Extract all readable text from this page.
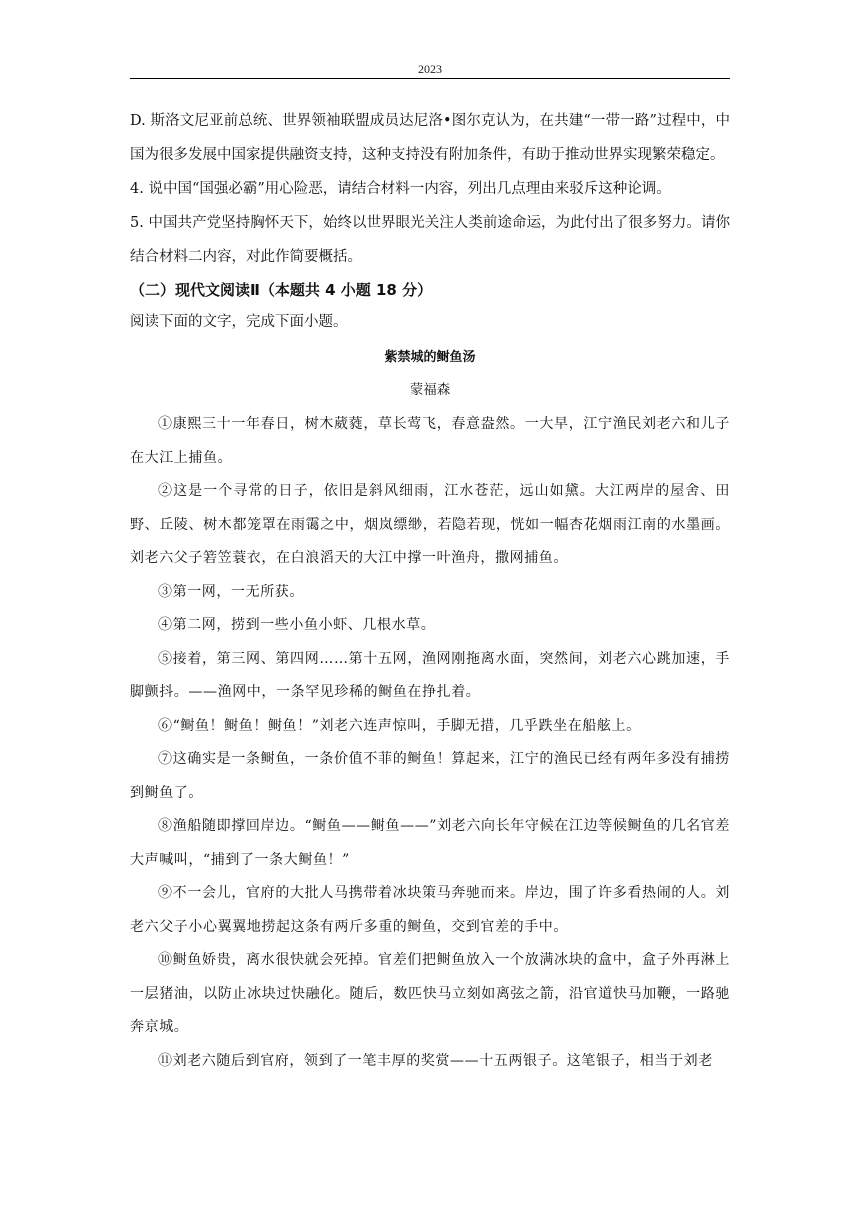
2023

D. 斯洛文尼亚前总统、世界领袖联盟成员达尼洛•图尔克认为，在共建“一带一路”过程中，中国为很多发展中国家提供融资支持，这种支持没有附加条件，有助于推动世界实现繁荣稳定。

4. 说中国“国强必霸”用心险恶，请结合材料一内容，列出几点理由来驳斥这种论调。

5. 中国共产党坚持胸怀天下，始终以世界眼光关注人类前途命运，为此付出了很多努力。请你结合材料二内容，对此作简要概括。

（二）现代文阅读Ⅱ（本题共 4 小题 18 分）

阅读下面的文字，完成下面小题。

紫禁城的鲥鱼汤

蒙福森

①康熙三十一年春日，树木葳蕤，草长莺飞，春意盎然。一大早，江宁渔民刘老六和儿子在大江上捕鱼。

②这是一个寻常的日子，依旧是斜风细雨，江水苍茫，远山如黛。大江两岸的屋舍、田野、丘陵、树木都笼罩在雨霭之中，烟岚缥缈，若隐若现，恍如一幅杏花烟雨江南的水墨画。刘老六父子箬笠蓑衣，在白浪滔天的大江中撑一叶渔舟，撒网捕鱼。

③第一网，一无所获。

④第二网，捞到一些小鱼小虾、几根水草。

⑤接着，第三网、第四网……第十五网，渔网刚拖离水面，突然间，刘老六心跳加速，手脚颤抖。——渔网中，一条罕见珍稀的鲥鱼在挣扎着。

⑥“鲥鱼！鲥鱼！鲥鱼！”刘老六连声惊叫，手脚无措，几乎跌坐在船舷上。

⑦这确实是一条鲥鱼，一条价值不菲的鲥鱼！算起来，江宁的渔民已经有两年多没有捕捞到鲥鱼了。

⑧渔船随即撑回岸边。“鲥鱼——鲥鱼——”刘老六向长年守候在江边等候鲥鱼的几名官差大声喊叫，“捕到了一条大鲥鱼！”

⑨不一会儿，官府的大批人马携带着冰块策马奔驰而来。岸边，围了许多看热闹的人。刘老六父子小心翼翼地捞起这条有两斤多重的鲥鱼，交到官差的手中。

⑩鲥鱼娇贵，离水很快就会死掉。官差们把鲥鱼放入一个放满冰块的盒中，盒子外再淋上一层猪油，以防止冰块过快融化。随后，数匹快马立刻如离弦之箭，沿官道快马加鞭，一路驰奔京城。

⑪刘老六随后到官府，领到了一笔丰厚的奖赏——十五两银子。这笔银子，相当于刘老
